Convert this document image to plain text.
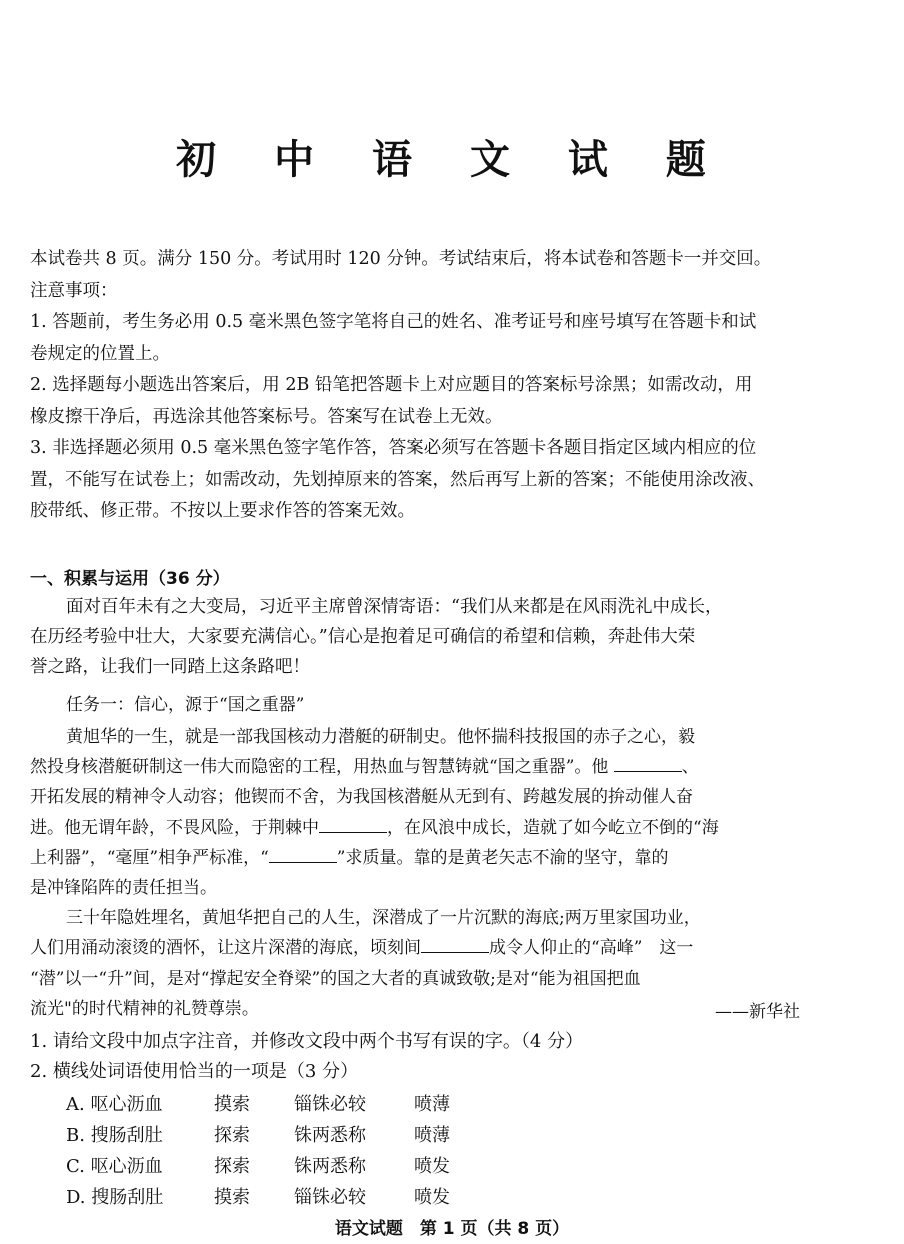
初 中 语 文 试 题
本试卷共 8 页。满分 150 分。考试用时 120 分钟。考试结束后，将本试卷和答题卡一并交回。
注意事项：
1. 答题前，考生务必用 0.5 毫米黑色签字笔将自己的姓名、准考证号和座号填写在答题卡和试
卷规定的位置上。
2. 选择题每小题选出答案后，用 2B 铅笔把答题卡上对应题目的答案标号涂黑；如需改动，用
橡皮擦干净后，再选涂其他答案标号。答案写在试卷上无效。
3. 非选择题必须用 0.5 毫米黑色签字笔作答，答案必须写在答题卡各题目指定区域内相应的位
置，不能写在试卷上；如需改动，先划掉原来的答案，然后再写上新的答案；不能使用涂改液、
胶带纸、修正带。不按以上要求作答的答案无效。
一、积累与运用（36 分）
面对百年未有之大变局，习近平主席曾深情寄语：“我们从来都是在风雨洗礼中成长，
在历经考验中壮大，大家要充满信心。”信心是抱着足可确信的希望和信赖，奔赴伟大荣
誉之路，让我们一同踏上这条路吧！
任务一：信心，源于“国之重器”
黄旭华的一生，就是一部我国核动力潜艇的研制史。他怀揣科技报国的赤子之心，毅
然投身核潜艇研制这一伟大而隐密的工程，用热血与智慧铸就“国之重器”。他	、
开拓发展的精神令人动容；他锲而不舍，为我国核潜艇从无到有、跨越发展的拚动催人奋
进。他无谓年龄，不畏风险，于荆棘中	，在风浪中成长，造就了如今屹立不倒的“海
上利器”，“毫厘”相争严标准，“	”求质量。靠的是黄老矢志不渝的坚守，靠的
是冲锋陷阵的责任担当。
三十年隐姓埋名，黄旭华把自己的人生，深潜成了一片沉默的海底;两万里家国功业，
人们用涌动滚烫的酒怀，让这片深潜的海底，顷刻间	成令人仰止的“高峰”　这一
“潜”以一“升”间，是对“撑起安全脊梁”的国之大者的真诚致敬;是对“能为祖国把血
流光"的时代精神的礼赞尊崇。	——新华社
1. 请给文段中加点字注音，并修改文段中两个书写有误的字。（4 分）
2. 横线处词语使用恰当的一项是（3 分）
A. 呕心沥血	摸索	锱铢必较	喷薄
B. 搜肠刮肚	探索	铢两悉称	喷薄
C. 呕心沥血	探索	铢两悉称	喷发
D. 搜肠刮肚	摸索	锱铢必较	喷发
语文试题　第 1 页（共 8 页）
